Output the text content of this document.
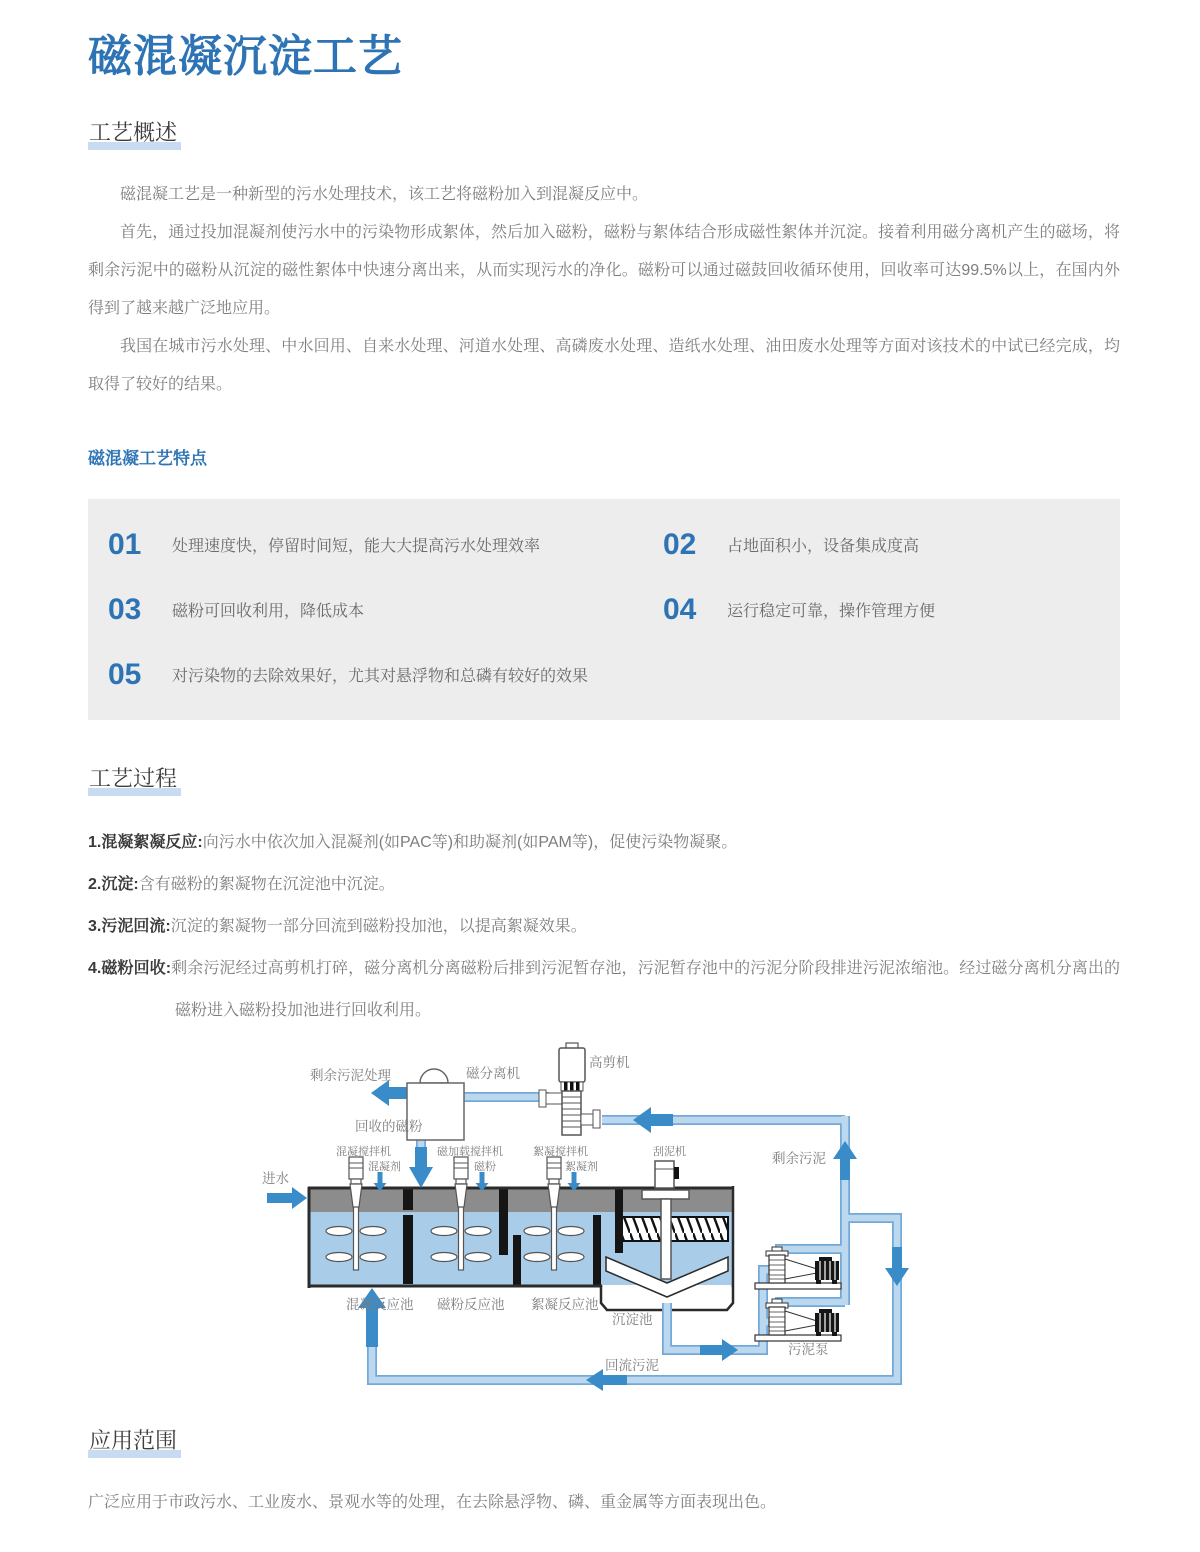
磁混凝沉淀工艺
工艺概述

磁混凝工艺是一种新型的污水处理技术，该工艺将磁粉加入到混凝反应中。

首先，通过投加混凝剂使污水中的污染物形成絮体，然后加入磁粉，磁粉与絮体结合形成磁性絮体并沉淀。接着利用磁分离机产生的磁场，将剩余污泥中的磁粉从沉淀的磁性絮体中快速分离出来，从而实现污水的净化。磁粉可以通过磁鼓回收循环使用，回收率可达99.5%以上，在国内外得到了越来越广泛地应用。

我国在城市污水处理、中水回用、自来水处理、河道水处理、高磷废水处理、造纸水处理、油田废水处理等方面对该技术的中试已经完成，均取得了较好的结果。

磁混凝工艺特点
01	处理速度快，停留时间短，能大大提高污水处理效率	02	占地面积小，设备集成度高
03	磁粉可回收利用，降低成本	04	运行稳定可靠，操作管理方便
05	对污染物的去除效果好，尤其对悬浮物和总磷有较好的效果
工艺过程

1.混凝絮凝反应:向污水中依次加入混凝剂(如PAC等)和助凝剂(如PAM等)，促使污染物凝聚。

2.沉淀:含有磁粉的絮凝物在沉淀池中沉淀。

3.污泥回流:沉淀的絮凝物一部分回流到磁粉投加池，以提高絮凝效果。

4.磁粉回收:剩余污泥经过高剪机打碎，磁分离机分离磁粉后排到污泥暂存池，污泥暂存池中的污泥分阶段排进污泥浓缩池。经过磁分离机分离出的磁粉进入磁粉投加池进行回收利用。

剩余污泥处理	磁分离机
高剪机
回收的磁粉
进水
剩余污泥
混凝反应池 磁粉反应池 絮凝反应池
沉淀池
污泥泵
回流污泥
混凝搅拌机
混凝剂
磁加载搅拌机
磁粉
絮凝搅拌机
絮凝剂
刮泥机
应用范围

广泛应用于市政污水、工业废水、景观水等的处理，在去除悬浮物、磷、重金属等方面表现出色。
